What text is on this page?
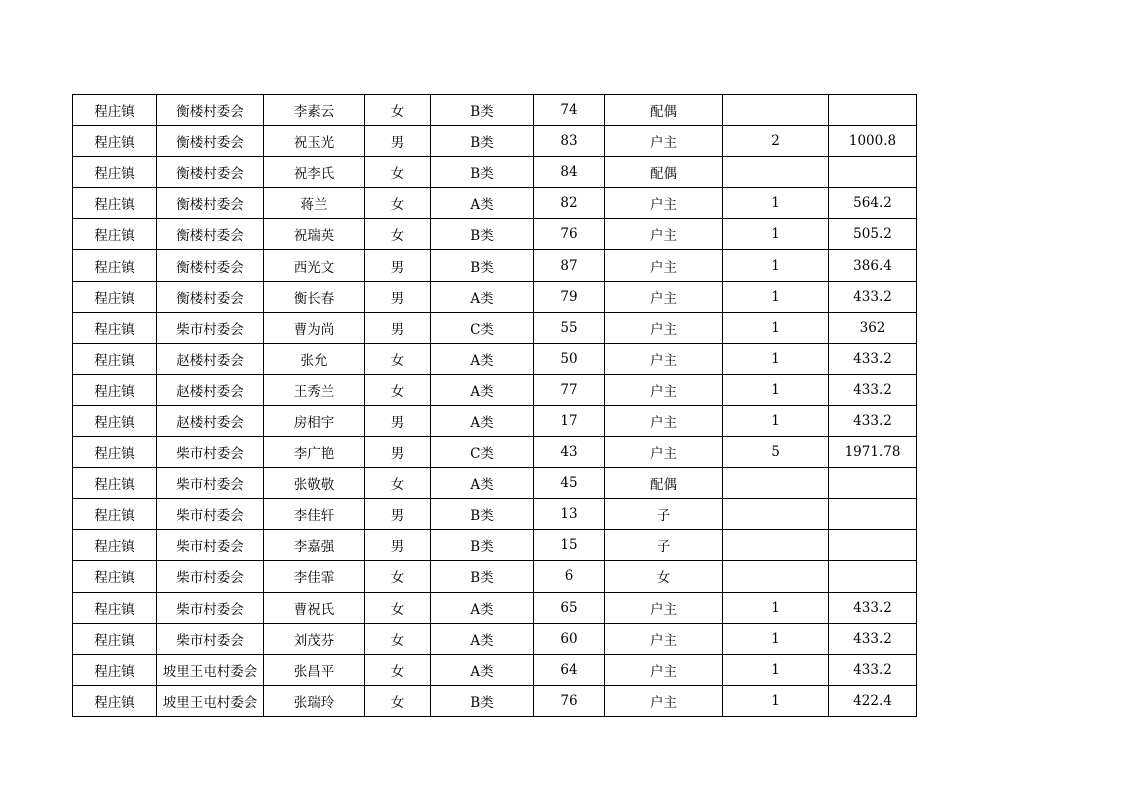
程庄镇	衡楼村委会	李素云	女	B类	74	配偶		
程庄镇	衡楼村委会	祝玉光	男	B类	83	户主	2	1000.8
程庄镇	衡楼村委会	祝李氏	女	B类	84	配偶		
程庄镇	衡楼村委会	蒋兰	女	A类	82	户主	1	564.2
程庄镇	衡楼村委会	祝瑞英	女	B类	76	户主	1	505.2
程庄镇	衡楼村委会	西光文	男	B类	87	户主	1	386.4
程庄镇	衡楼村委会	衡长春	男	A类	79	户主	1	433.2
程庄镇	柴市村委会	曹为尚	男	C类	55	户主	1	362
程庄镇	赵楼村委会	张允	女	A类	50	户主	1	433.2
程庄镇	赵楼村委会	王秀兰	女	A类	77	户主	1	433.2
程庄镇	赵楼村委会	房相宇	男	A类	17	户主	1	433.2
程庄镇	柴市村委会	李广艳	男	C类	43	户主	5	1971.78
程庄镇	柴市村委会	张敬敬	女	A类	45	配偶		
程庄镇	柴市村委会	李佳轩	男	B类	13	子		
程庄镇	柴市村委会	李嘉强	男	B类	15	子		
程庄镇	柴市村委会	李佳霏	女	B类	6	女		
程庄镇	柴市村委会	曹祝氏	女	A类	65	户主	1	433.2
程庄镇	柴市村委会	刘茂芬	女	A类	60	户主	1	433.2
程庄镇	坡里王屯村委会	张昌平	女	A类	64	户主	1	433.2
程庄镇	坡里王屯村委会	张瑞玲	女	B类	76	户主	1	422.4
